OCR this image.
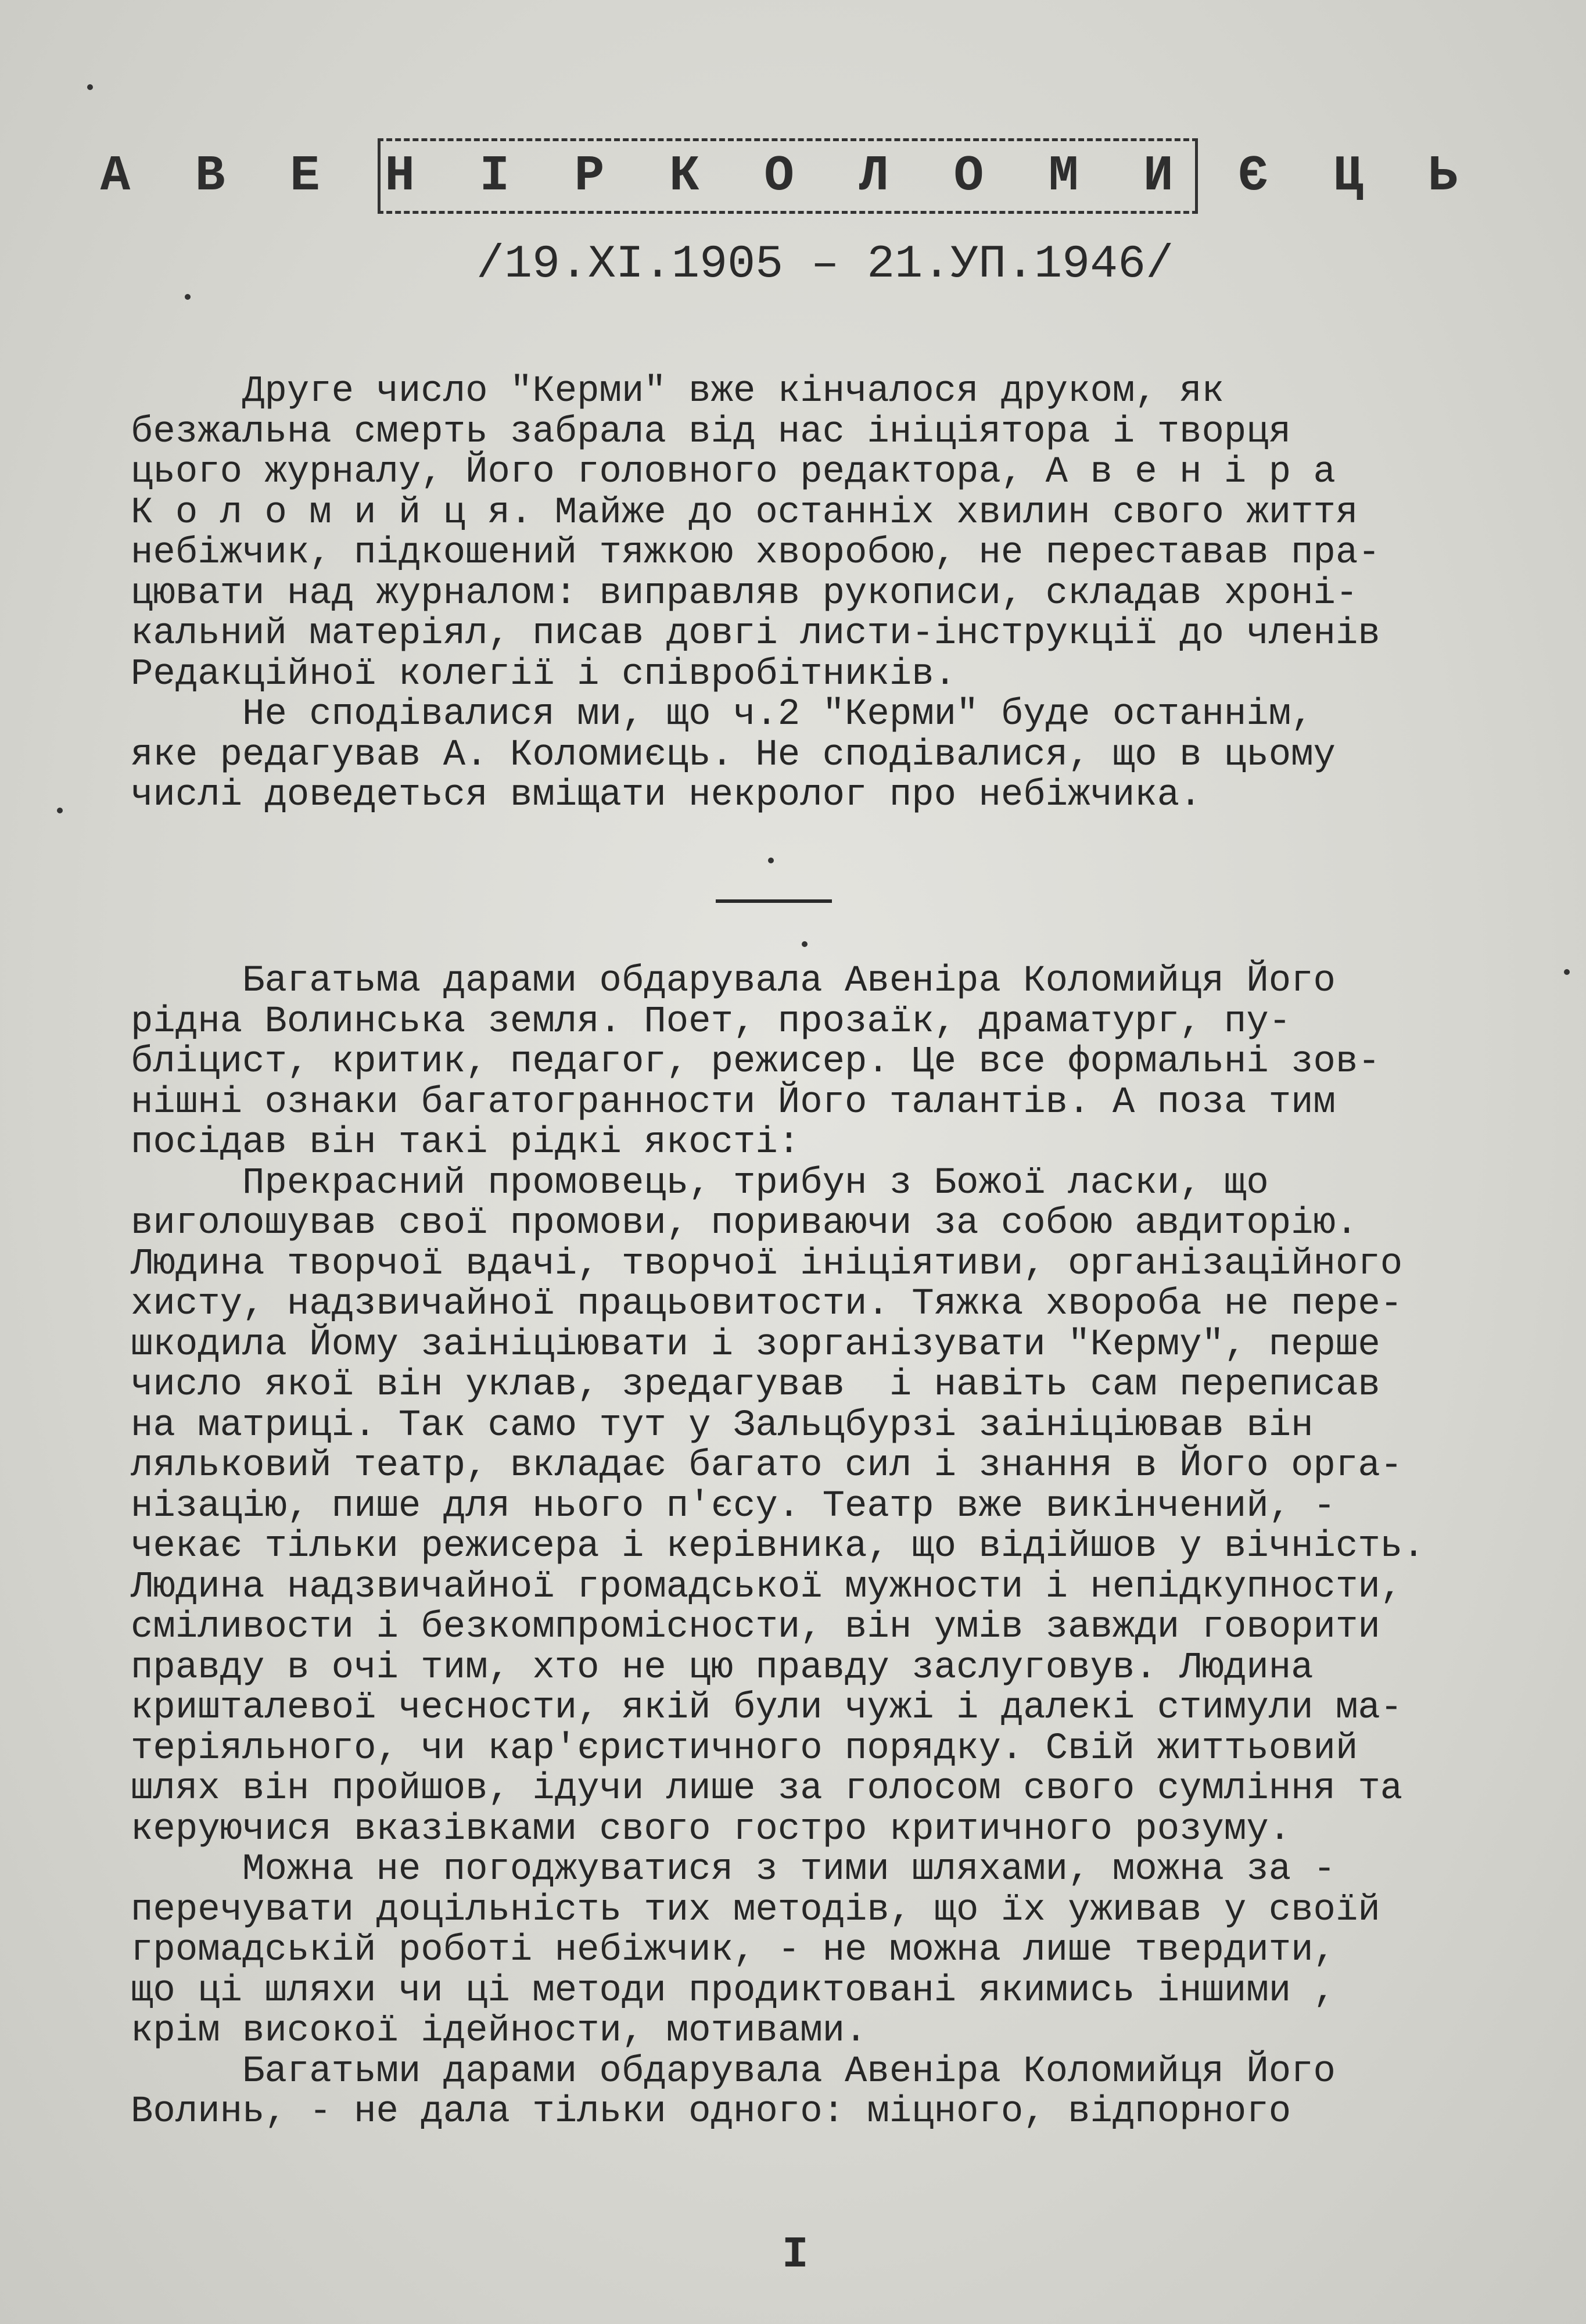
А В Е Н І Р К О Л О М И Є Ц Ь
/19.XI.1905 – 21.УП.1946/
Друге число "Керми" вже кінчалося друком, як
безжальна смерть забрала від нас ініціятора і творця
цього журналу, Його головного редактора, А в е н і р а
К о л о м и й ц я. Майже до останніх хвилин свого життя
небіжчик, підкошений тяжкою хворобою, не переставав пра-
цювати над журналом: виправляв рукописи, складав хроні-
кальний матеріял, писав довгі листи-інструкції до членів
Редакційної колегії і співробітників.
Не сподівалися ми, що ч.2 "Керми" буде останнім,
яке редагував А. Коломиєць. Не сподівалися, що в цьому
числі доведеться вміщати некролог про небіжчика.
Багатьма дарами обдарувала Авеніра Коломийця Його
рідна Волинська земля. Поет, прозаїк, драматург, пу-
бліцист, критик, педагог, режисер. Це все формальні зов-
нішні ознаки багатогранности Його талантів. А поза тим
посідав він такі рідкі якості:
Прекрасний промовець, трибун з Божої ласки, що
виголошував свої промови, пориваючи за собою авдиторію.
Людина творчої вдачі, творчої ініціятиви, організаційного
хисту, надзвичайної працьовитости. Тяжка хвороба не пере-
шкодила Йому заініціювати і зорганізувати "Керму", перше
число якої він уклав, зредагував  і навіть сам переписав
на матриці. Так само тут у Зальцбурзі заініціював він
ляльковий театр, вкладає багато сил і знання в Його орга-
нізацію, пише для нього п'єсу. Театр вже викінчений, -
чекає тільки режисера і керівника, що відійшов у вічність.
Людина надзвичайної громадської мужности і непідкупности,
сміливости і безкомпромісности, він умів завжди говорити
правду в очі тим, хто не цю правду заслуговув. Людина
кришталевої чесности, якій були чужі і далекі стимули ма-
теріяльного, чи кар'єристичного порядку. Свій життьовий
шлях він пройшов, ідучи лише за голосом свого сумління та
керуючися вказівками свого гостро критичного розуму.
Можна не погоджуватися з тими шляхами, можна за -
перечувати доцільність тих методів, що їх уживав у своїй
громадській роботі небіжчик, - не можна лише твердити,
що ці шляхи чи ці методи продиктовані якимись іншими ,
крім високої ідейности, мотивами.
Багатьми дарами обдарувала Авеніра Коломийця Його
Волинь, - не дала тільки одного: міцного, відпорного
I
